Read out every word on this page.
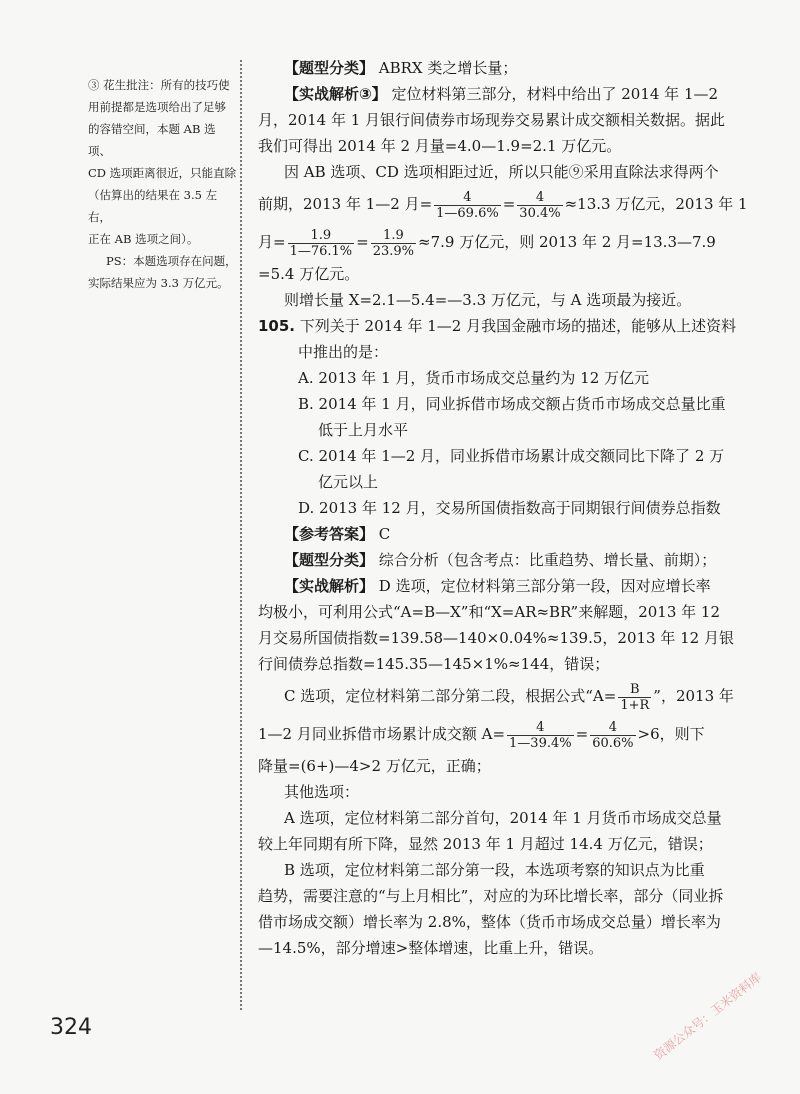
③ 花生批注：所有的技巧使
用前提都是选项给出了足够
的容错空间，本题 AB 选项、
CD 选项距离很近，只能直除
（估算出的结果在 3.5 左右，
正在 AB 选项之间）。
PS：本题选项存在问题，
实际结果应为 3.3 万亿元。
【题型分类】 ABRX 类之增长量；
【实战解析③】 定位材料第三部分，材料中给出了 2014 年 1—2
月，2014 年 1 月银行间债券市场现券交易累计成交额相关数据。据此
我们可得出 2014 年 2 月量=4.0—1.9=2.1 万亿元。
因 AB 选项、CD 选项相距过近，所以只能⑨采用直除法求得两个
前期，2013 年 1—2 月= $\frac{4}{1—69.6\%} = \frac{4}{30.4\%} \approx 13.3$ 万亿元，2013 年 1
月= $\frac{1.9}{1—76.1\%} = \frac{1.9}{23.9\%} \approx 7.9$ 万亿元，则 2013 年 2 月=13.3—7.9
=5.4 万亿元。
则增长量 X=2.1—5.4=—3.3 万亿元，与 A 选项最为接近。
105. 下列关于 2014 年 1—2 月我国金融市场的描述，能够从上述资料
中推出的是：
A. 2013 年 1 月，货币市场成交总量约为 12 万亿元
B. 2014 年 1 月，同业拆借市场成交额占货币市场成交总量比重
低于上月水平
C. 2014 年 1—2 月，同业拆借市场累计成交额同比下降了 2 万
亿元以上
D. 2013 年 12 月，交易所国债指数高于同期银行间债券总指数
【参考答案】 C
【题型分类】 综合分析（包含考点：比重趋势、增长量、前期）；
【实战解析】 D 选项，定位材料第三部分第一段，因对应增长率
均极小，可利用公式“A=B—X”和“X=AR≈BR”来解题，2013 年 12
月交易所国债指数=139.58—140×0.04%≈139.5，2013 年 12 月银
行间债券总指数=145.35—145×1%≈144，错误；
C 选项，定位材料第二部分第二段，根据公式“$A= \frac{B}{1+R}$ ”，2013 年
1—2 月同业拆借市场累计成交额 $A= \frac{4}{1—39.4\%} = \frac{4}{60.6\%} >6$，则下
降量=(6+)—4>2 万亿元，正确；
其他选项：
A 选项，定位材料第二部分首句，2014 年 1 月货币市场成交总量
较上年同期有所下降，显然 2013 年 1 月超过 14.4 万亿元，错误；
B 选项，定位材料第二部分第一段，本选项考察的知识点为比重
趋势，需要注意的“与上月相比”，对应的为环比增长率，部分（同业拆
借市场成交额）增长率为 2.8%，整体（货币市场成交总量）增长率为
—14.5%，部分增速>整体增速，比重上升，错误。
324	资源公众号：玉米资料库
